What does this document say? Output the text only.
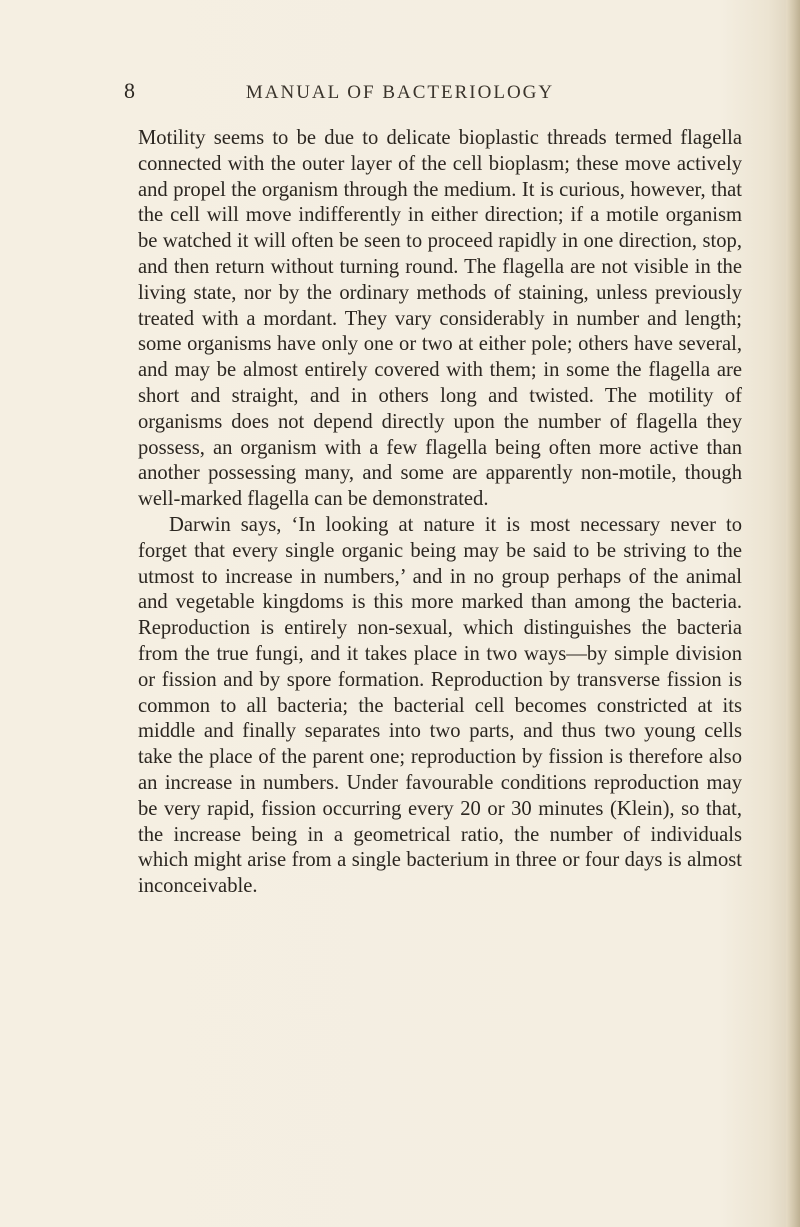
8	MANUAL OF BACTERIOLOGY

Motility seems to be due to delicate bioplastic threads termed flagella connected with the outer layer of the cell bioplasm; these move actively and propel the organism through the medium. It is curious, however, that the cell will move indifferently in either direction; if a motile organism be watched it will often be seen to proceed rapidly in one direction, stop, and then return without turning round. The flagella are not visible in the living state, nor by the ordinary methods of staining, unless previously treated with a mordant. They vary considerably in number and length; some organisms have only one or two at either pole; others have several, and may be almost entirely covered with them; in some the flagella are short and straight, and in others long and twisted. The motility of organisms does not depend directly upon the number of flagella they possess, an organism with a few flagella being often more active than another possessing many, and some are apparently non-motile, though well-marked flagella can be demonstrated.

Darwin says, ‘In looking at nature it is most necessary never to forget that every single organic being may be said to be striving to the utmost to increase in numbers,’ and in no group perhaps of the animal and vegetable kingdoms is this more marked than among the bacteria. Reproduction is entirely non-sexual, which distinguishes the bacteria from the true fungi, and it takes place in two ways—by simple division or fission and by spore formation. Reproduction by transverse fission is common to all bacteria; the bacterial cell becomes constricted at its middle and finally separates into two parts, and thus two young cells take the place of the parent one; reproduction by fission is therefore also an increase in numbers. Under favourable conditions reproduction may be very rapid, fission occurring every 20 or 30 minutes (Klein), so that, the increase being in a geometrical ratio, the number of individuals which might arise from a single bacterium in three or four days is almost inconceivable.
